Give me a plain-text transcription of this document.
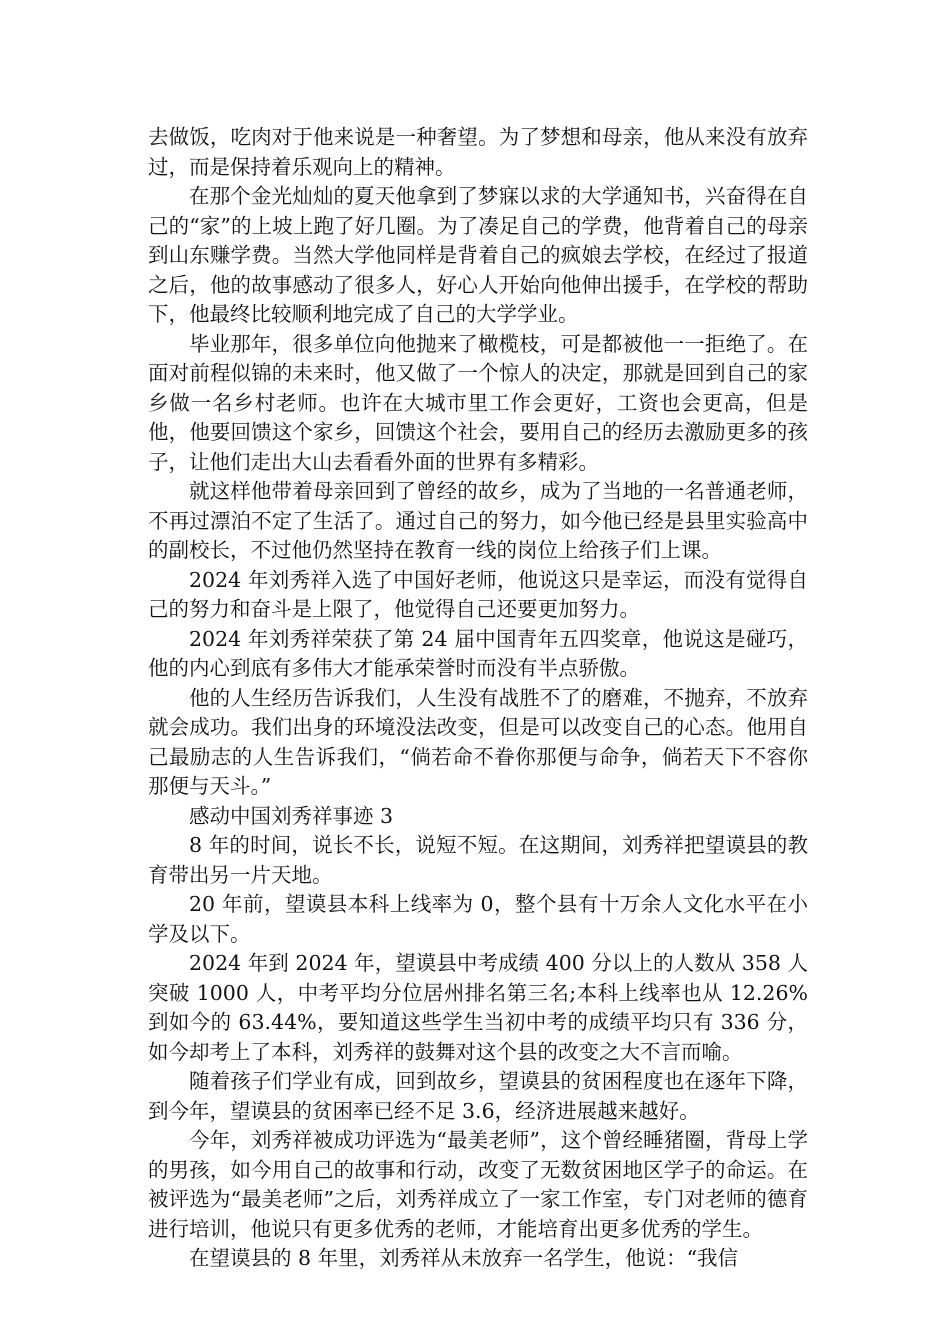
去做饭，吃肉对于他来说是一种奢望。为了梦想和母亲，他从来没有放弃过，而是保持着乐观向上的精神。

在那个金光灿灿的夏天他拿到了梦寐以求的大学通知书，兴奋得在自己的“家”的上坡上跑了好几圈。为了凑足自己的学费，他背着自己的母亲到山东赚学费。当然大学他同样是背着自己的疯娘去学校，在经过了报道之后，他的故事感动了很多人，好心人开始向他伸出援手，在学校的帮助下，他最终比较顺利地完成了自己的大学学业。

毕业那年，很多单位向他抛来了橄榄枝，可是都被他一一拒绝了。在面对前程似锦的未来时，他又做了一个惊人的决定，那就是回到自己的家乡做一名乡村老师。也许在大城市里工作会更好，工资也会更高，但是他，他要回馈这个家乡，回馈这个社会，要用自己的经历去激励更多的孩子，让他们走出大山去看看外面的世界有多精彩。

就这样他带着母亲回到了曾经的故乡，成为了当地的一名普通老师，不再过漂泊不定了生活了。通过自己的努力，如今他已经是县里实验高中的副校长，不过他仍然坚持在教育一线的岗位上给孩子们上课。

2024 年刘秀祥入选了中国好老师，他说这只是幸运，而没有觉得自己的努力和奋斗是上限了，他觉得自己还要更加努力。

2024 年刘秀祥荣获了第 24 届中国青年五四奖章，他说这是碰巧，他的内心到底有多伟大才能承荣誉时而没有半点骄傲。

他的人生经历告诉我们，人生没有战胜不了的磨难，不抛弃，不放弃就会成功。我们出身的环境没法改变，但是可以改变自己的心态。他用自己最励志的人生告诉我们，“倘若命不眷你那便与命争，倘若天下不容你那便与天斗。”

感动中国刘秀祥事迹 3

8 年的时间，说长不长，说短不短。在这期间，刘秀祥把望谟县的教育带出另一片天地。

20 年前，望谟县本科上线率为 0，整个县有十万余人文化水平在小学及以下。

2024 年到 2024 年，望谟县中考成绩 400 分以上的人数从 358 人突破 1000 人，中考平均分位居州排名第三名;本科上线率也从 12.26%到如今的 63.44%，要知道这些学生当初中考的成绩平均只有 336 分，如今却考上了本科，刘秀祥的鼓舞对这个县的改变之大不言而喻。

随着孩子们学业有成，回到故乡，望谟县的贫困程度也在逐年下降，到今年，望谟县的贫困率已经不足 3.6，经济进展越来越好。

今年，刘秀祥被成功评选为“最美老师”，这个曾经睡猪圈，背母上学的男孩，如今用自己的故事和行动，改变了无数贫困地区学子的命运。在被评选为“最美老师”之后，刘秀祥成立了一家工作室，专门对老师的德育进行培训，他说只有更多优秀的老师，才能培育出更多优秀的学生。

在望谟县的 8 年里，刘秀祥从未放弃一名学生，他说：“我信
